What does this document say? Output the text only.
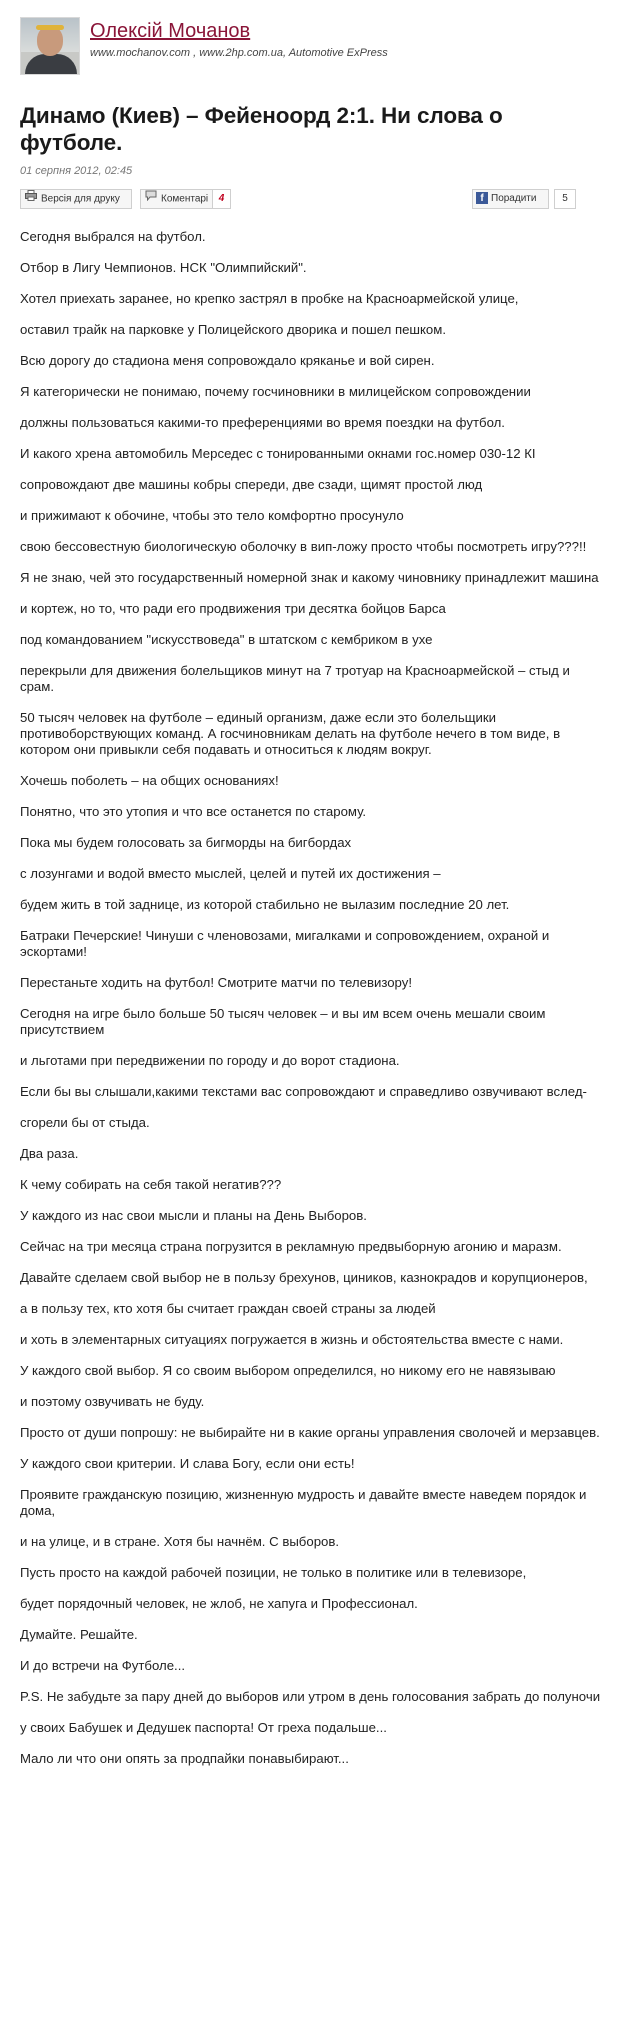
Олексій Мочанов
www.mochanov.com , www.2hp.com.ua, Automotive ExPress
Динамо (Киев) – Фейеноорд 2:1. Ни слова о футболе.
01 серпня 2012, 02:45
Версія для друку	Коментарі	4	f Порадити	5

Сегодня выбрался на футбол.

Отбор в Лигу Чемпионов. НСК "Олимпийский".

Хотел приехать заранее, но крепко застрял в пробке на Красноармейской улице,

оставил трайк на парковке у Полицейского дворика и пошел пешком.

Всю дорогу до стадиона меня сопровождало кряканье и вой сирен.

Я категорически не понимаю, почему госчиновники в милицейском сопровождении

должны пользоваться какими-то преференциями во время поездки на футбол.

И какого хрена автомобиль Мерседес с тонированными окнами гос.номер 030-12 КІ

сопровождают две машины кобры спереди, две сзади, щимят простой люд

и прижимают к обочине, чтобы это тело комфортно просунуло

свою бессовестную биологическую оболочку в вип-ложу просто чтобы посмотреть игру???!!

Я не знаю, чей это государственный номерной знак и какому чиновнику принадлежит машина

и кортеж, но то, что ради его продвижения три десятка бойцов Барса

под командованием "искусствоведа" в штатском с кембриком в ухе

перекрыли для движения болельщиков минут на 7 тротуар на Красноармейской – стыд и срам.

50 тысяч человек на футболе – единый организм, даже если это болельщики противоборствующих команд. А госчиновникам делать на футболе нечего в том виде, в котором они привыкли себя подавать и относиться к людям вокруг.

Хочешь поболеть – на общих основаниях!

Понятно, что это утопия и что все останется по старому.

Пока мы будем голосовать за бигморды на бигбордах

с лозунгами и водой вместо мыслей, целей и путей их достижения –

будем жить в той заднице, из которой стабильно не вылазим последние 20 лет.

Батраки Печерские! Чинуши с членовозами, мигалками и сопровождением, охраной и эскортами!

Перестаньте ходить на футбол! Смотрите матчи по телевизору!

Сегодня на игре было больше 50 тысяч человек – и вы им всем очень мешали своим присутствием

и льготами при передвижении по городу и до ворот стадиона.

Если бы вы слышали,какими текстами вас сопровождают и справедливо озвучивают вслед-

сгорели бы от стыда.

Два раза.

К чему собирать на себя такой негатив???

У каждого из нас свои мысли и планы на День Выборов.

Сейчас на три месяца страна погрузится в рекламную предвыборную агонию и маразм.

Давайте сделаем свой выбор не в пользу брехунов, циников, казнокрадов и корупционеров,

а в пользу тех, кто хотя бы считает граждан своей страны за людей

и хоть в элементарных ситуациях погружается в жизнь и обстоятельства вместе с нами.

У каждого свой выбор. Я со своим выбором определился, но никому его не навязываю

и поэтому озвучивать не буду.

Просто от души попрошу: не выбирайте ни в какие органы управления сволочей и мерзавцев.

У каждого свои критерии. И слава Богу, если они есть!

Проявите гражданскую позицию, жизненную мудрость и давайте вместе наведем порядок и дома,

и на улице, и в стране. Хотя бы начнём. С выборов.

Пусть просто на каждой рабочей позиции, не только в политике или в телевизоре,

будет порядочный человек, не жлоб, не хапуга и Профессионал.

Думайте. Решайте.

И до встречи на Футболе...

P.S. Не забудьте за пару дней до выборов или утром в день голосования забрать до полуночи

у своих Бабушек и Дедушек паспорта! От греха подальше...

Мало ли что они опять за продпайки понавыбирают...
